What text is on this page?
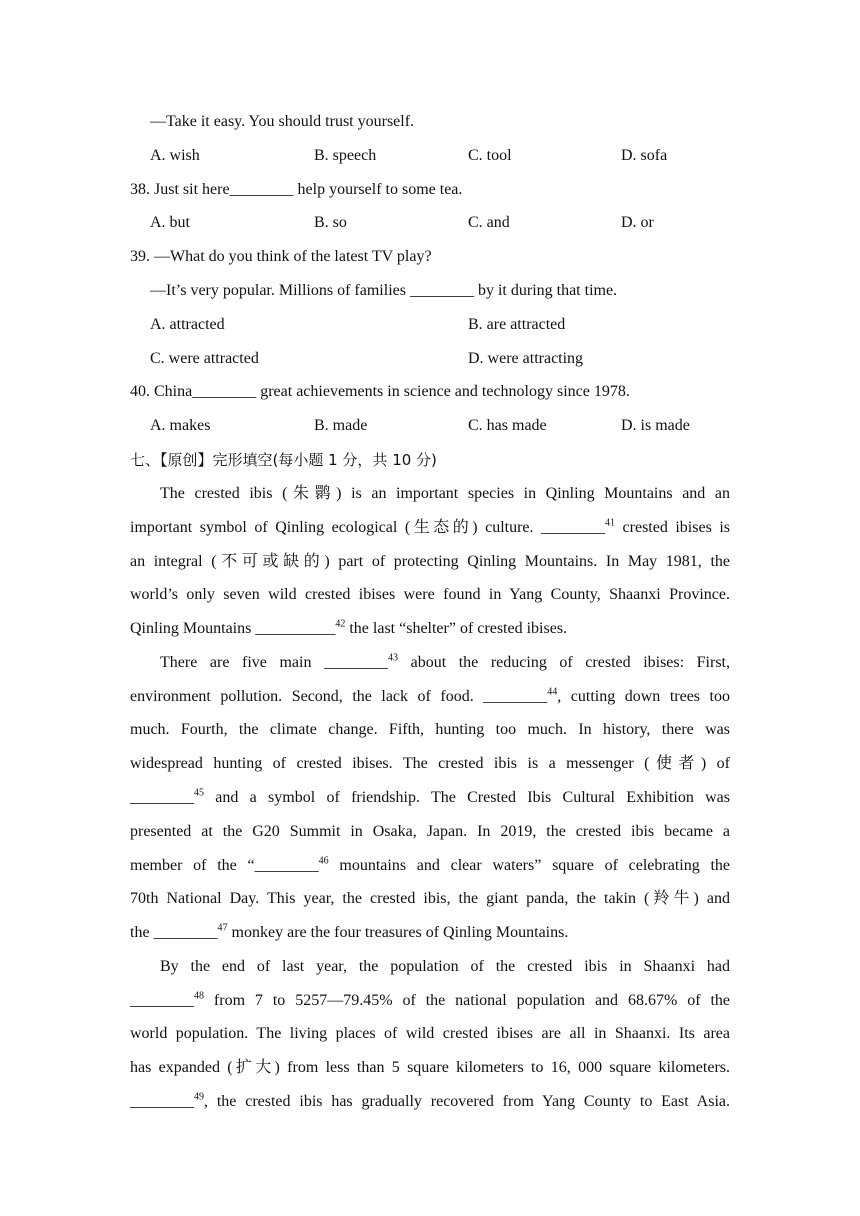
—Take it easy. You should trust yourself.
A. wish	B. speech	C. tool	D. sofa
38. Just sit here________ help yourself to some tea.
A. but	B. so	C. and	D. or
39. —What do you think of the latest TV play?
—It’s very popular. Millions of families ________ by it during that time.
A. attracted	B. are attracted
C. were attracted	D. were attracting
40. China________ great achievements in science and technology since 1978.
A. makes	B. made	C. has made	D. is made
七、【原创】完形填空(每小题 1 分，共 10 分)
The crested ibis (朱鹮) is an important species in Qinling Mountains and an
important symbol of Qinling ecological (生态的) culture. ________$^{41}$ crested ibises is
an integral (不可或缺的) part of protecting Qinling Mountains. In May 1981, the
world’s only seven wild crested ibises were found in Yang County, Shaanxi Province.
Qinling Mountains __________$^{42}$ the last “shelter” of crested ibises.
There are five main ________$^{43}$ about the reducing of crested ibises: First,
environment pollution. Second, the lack of food. ________$^{44}$, cutting down trees too
much. Fourth, the climate change. Fifth, hunting too much. In history, there was
widespread hunting of crested ibises. The crested ibis is a messenger (使者) of
________$^{45}$ and a symbol of friendship. The Crested Ibis Cultural Exhibition was
presented at the G20 Summit in Osaka, Japan. In 2019, the crested ibis became a
member of the “________$^{46}$ mountains and clear waters” square of celebrating the
70th National Day. This year, the crested ibis, the giant panda, the takin (羚牛) and
the ________$^{47}$ monkey are the four treasures of Qinling Mountains.
By the end of last year, the population of the crested ibis in Shaanxi had
________$^{48}$ from 7 to 5257—79.45% of the national population and 68.67% of the
world population. The living places of wild crested ibises are all in Shaanxi. Its area
has expanded (扩大) from less than 5 square kilometers to 16, 000 square kilometers.
________$^{49}$, the crested ibis has gradually recovered from Yang County to East Asia.
